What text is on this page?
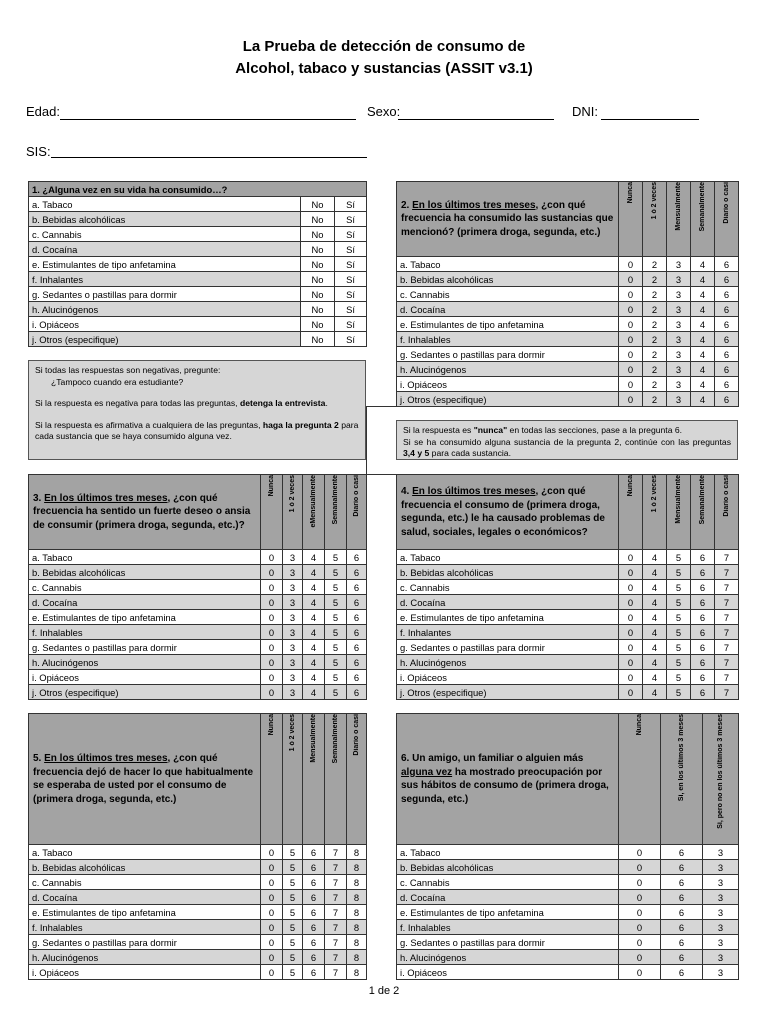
La Prueba de detección de consumo de
Alcohol, tabaco y sustancias (ASSIT v3.1)
Edad:	Sexo:	DNI:
SIS:
1. ¿Alguna vez en su vida ha consumido…?		
a. Tabaco	No	Sí
b. Bebidas alcohólicas	No	Sí
c. Cannabis	No	Sí
d. Cocaína	No	Sí
e. Estimulantes de tipo anfetamina	No	Sí
f. Inhalantes	No	Sí
g. Sedantes o pastillas para dormir	No	Sí
h. Alucinógenos	No	Sí
i. Opiáceos	No	Sí
j. Otros (especifique)	No	Sí

Si todas las respuestas son negativas, pregunte:

¿Tampoco cuando era estudiante?

Si la respuesta es negativa para todas las preguntas, detenga la entrevista.

Si la respuesta es afirmativa a cualquiera de las preguntas, haga la pregunta 2 para cada sustancia que se haya consumido alguna vez.

2. En los últimos tres meses, ¿con qué frecuencia ha consumido las sustancias que mencionó? (primera droga, segunda, etc.)	Nunca	1 ó 2 veces	Mensualmente	Semanalmente	Diario o casi

a. Tabaco	0	2	3	4	6
b. Bebidas alcohólicas	0	2	3	4	6
c. Cannabis	0	2	3	4	6
d. Cocaína	0	2	3	4	6
e. Estimulantes de tipo anfetamina	0	2	3	4	6
f. Inhalables	0	2	3	4	6
g. Sedantes o pastillas para dormir	0	2	3	4	6
h. Alucinógenos	0	2	3	4	6
i. Opiáceos	0	2	3	4	6
j. Otros (especifique)	0	2	3	4	6

Si la respuesta es "nunca" en todas las secciones, pase a la pregunta 6.

Si se ha consumido alguna sustancia de la pregunta 2, continúe con las preguntas 3,4 y 5 para cada sustancia.

3. En los últimos tres meses, ¿con qué frecuencia ha sentido un fuerte deseo o ansia de consumir (primera droga, segunda, etc.)?	Nunca	1 ó 2 veces	eMensualmente	Semanalmente	Diario o casi

a. Tabaco	0	3	4	5	6
b. Bebidas alcohólicas	0	3	4	5	6
c. Cannabis	0	3	4	5	6
d. Cocaína	0	3	4	5	6
e. Estimulantes de tipo anfetamina	0	3	4	5	6
f. Inhalables	0	3	4	5	6
g. Sedantes o pastillas para dormir	0	3	4	5	6
h. Alucinógenos	0	3	4	5	6
i. Opiáceos	0	3	4	5	6
j. Otros (especifique)	0	3	4	5	6
4. En los últimos tres meses, ¿con qué frecuencia el consumo de (primera droga, segunda, etc.) le ha causado problemas de salud, sociales, legales o económicos?	Nunca	1 ó 2 veces	Mensualmente	Semanalmente	Diario o casi

a. Tabaco	0	4	5	6	7
b. Bebidas alcohólicas	0	4	5	6	7
c. Cannabis	0	4	5	6	7
d. Cocaína	0	4	5	6	7
e. Estimulantes de tipo anfetamina	0	4	5	6	7
f. Inhalantes	0	4	5	6	7
g. Sedantes o pastillas para dormir	0	4	5	6	7
h. Alucinógenos	0	4	5	6	7
i. Opiáceos	0	4	5	6	7
j. Otros (especifique)	0	4	5	6	7
5. En los últimos tres meses, ¿con qué frecuencia dejó de hacer lo que habitualmente se esperaba de usted por el consumo de (primera droga, segunda, etc.)	Nunca	1 ó 2 veces	Mensualmente	Semanalmente	Diario o casi

a. Tabaco	0	5	6	7	8
b. Bebidas alcohólicas	0	5	6	7	8
c. Cannabis	0	5	6	7	8
d. Cocaína	0	5	6	7	8
e. Estimulantes de tipo anfetamina	0	5	6	7	8
f. Inhalables	0	5	6	7	8
g. Sedantes o pastillas para dormir	0	5	6	7	8
h. Alucinógenos	0	5	6	7	8
i. Opiáceos	0	5	6	7	8
6. Un amigo, un familiar o alguien más alguna vez ha mostrado preocupación por sus hábitos de consumo de (primera droga, segunda, etc.)	Nunca	Sí, en los últimos 3 meses	Sí, pero no en los últimos 3 meses

a. Tabaco	0	6	3
b. Bebidas alcohólicas	0	6	3
c. Cannabis	0	6	3
d. Cocaína	0	6	3
e. Estimulantes de tipo anfetamina	0	6	3
f. Inhalables	0	6	3
g. Sedantes o pastillas para dormir	0	6	3
h. Alucinógenos	0	6	3
i. Opiáceos	0	6	3
1 de 2
